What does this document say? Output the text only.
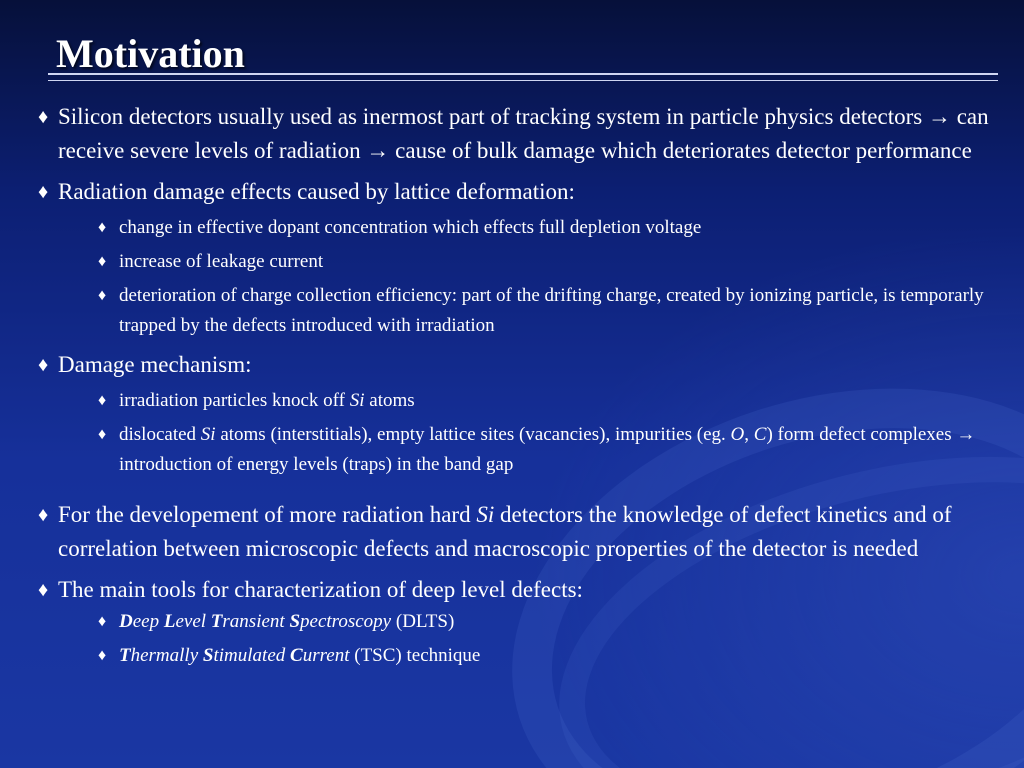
Motivation
♦ Silicon detectors usually used as inermost part of tracking system in particle physics detectors → can receive severe levels of radiation → cause of bulk damage which deteriorates detector performance
♦ Radiation damage effects caused by lattice deformation:
♦ change in effective dopant concentration which effects full depletion voltage
♦ increase of leakage current
♦ deterioration of charge collection efficiency: part of the drifting charge, created by ionizing particle, is temporarly trapped by the defects introduced with irradiation
♦ Damage mechanism:
♦ irradiation particles knock off Si atoms
♦ dislocated Si atoms (interstitials), empty lattice sites (vacancies), impurities (eg. O, C) form defect complexes → introduction of energy levels (traps) in the band gap
♦ For the developement of more radiation hard Si detectors the knowledge of defect kinetics and of correlation between microscopic defects and macroscopic properties of the detector is needed
♦ The main tools for characterization of deep level defects:
♦ Deep Level Transient Spectroscopy (DLTS)
♦ Thermally Stimulated Current (TSC) technique
